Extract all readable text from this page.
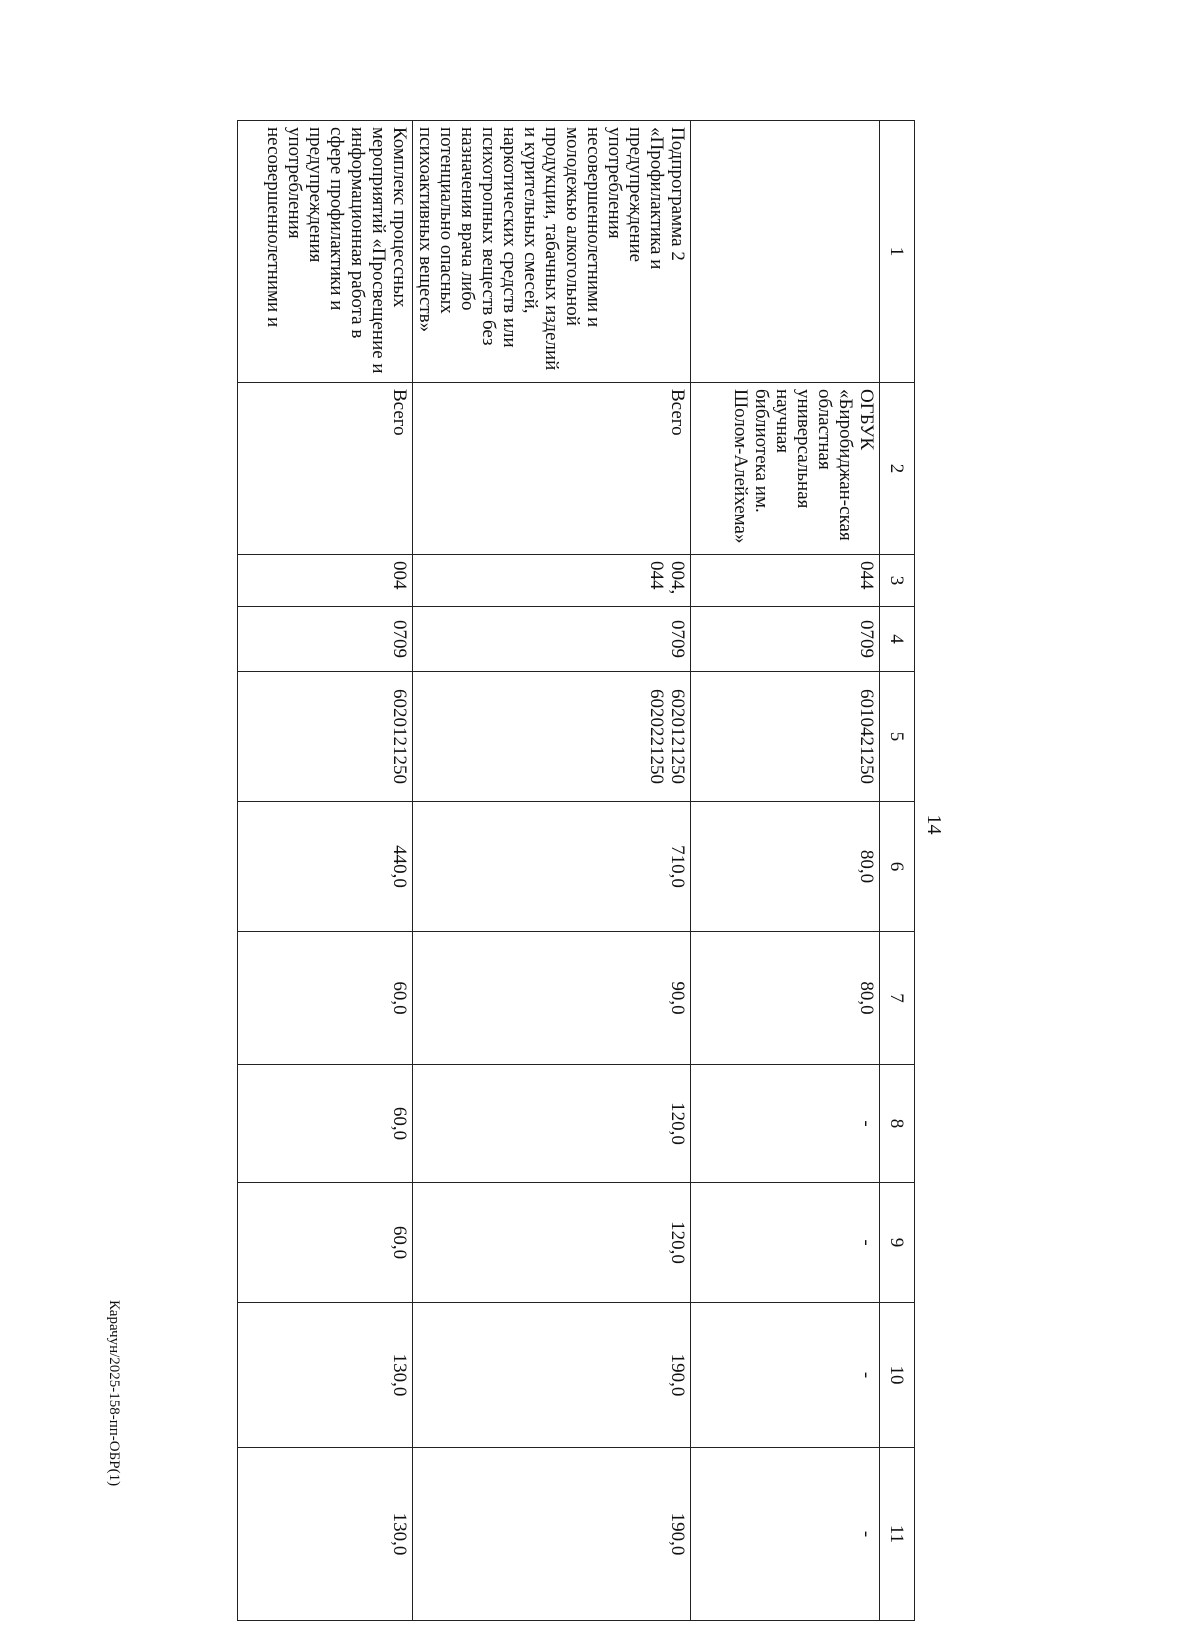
14
1	2	3	4	5	6	7	8	9	10	11
	ОГБУК «Биробиджан-ская областная универсальная научная библиотека им. Шолом-Алейхема»	044	0709	6010421250	80,0	80,0	-	-	-	-
Подпрограмма 2 «Профилактика и предупреждение употребления несовершеннолетними и молодежью алкогольной продукции, табачных изделий и курительных смесей, наркотических средств или психотропных веществ без назначения врача либо потенциально опасных психоактивных веществ»	Всего	004, 044	0709	6020121250 6020221250	710,0	90,0	120,0	120,0	190,0	190,0
Комплекс процессных мероприятий «Просвещение и информационная работа в сфере профилактики и предупреждения употребления несовершеннолетними и	Всего	004	0709	6020121250	440,0	60,0	60,0	60,0	130,0	130,0
Карачун/2025-158-пп-ОБР(1)
